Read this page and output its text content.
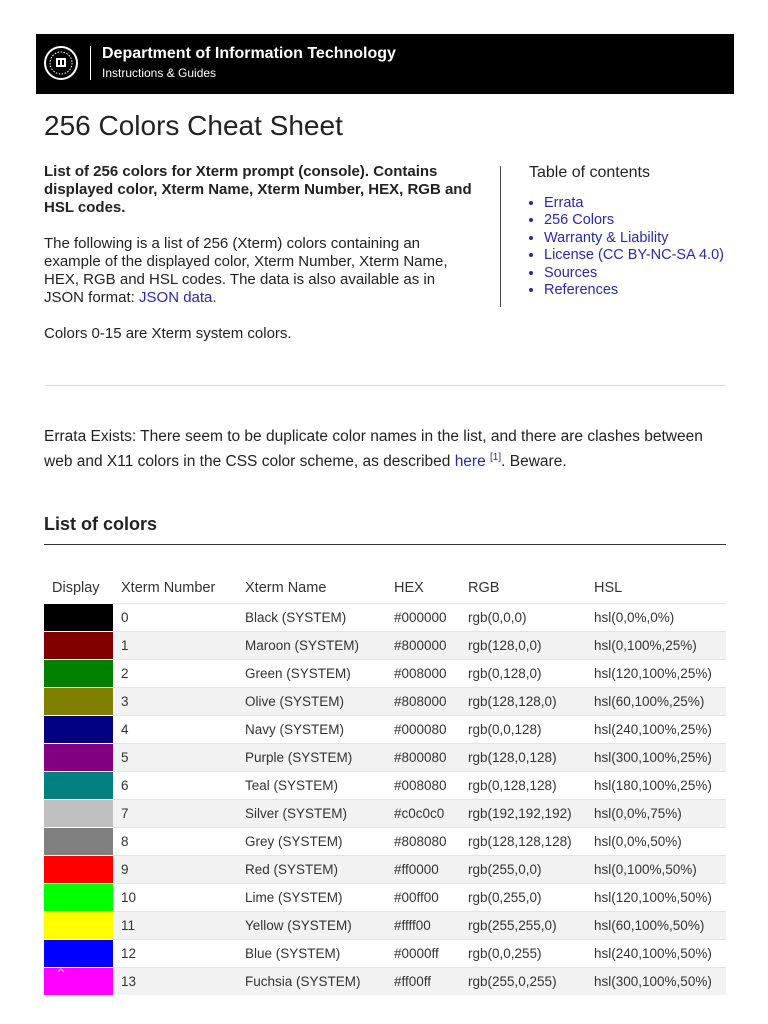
Department of Information Technology
Instructions & Guides
256 Colors Cheat Sheet

List of 256 colors for Xterm prompt (console). Contains displayed color, Xterm Name, Xterm Number, HEX, RGB and HSL codes.

The following is a list of 256 (Xterm) colors containing an example of the displayed color, Xterm Number, Xterm Name, HEX, RGB and HSL codes. The data is also available as in JSON format: JSON data.

Colors 0-15 are Xterm system colors.

Table of contents
• Errata
• 256 Colors
• Warranty & Liability
• License (CC BY-NC-SA 4.0)
• Sources
• References

Errata Exists: There seem to be duplicate color names in the list, and there are clashes between web and X11 colors in the CSS color scheme, as described here [1]. Beware.

List of colors
Display	Xterm Number	Xterm Name	HEX	RGB	HSL
	0	Black (SYSTEM)	#000000	rgb(0,0,0)	hsl(0,0%,0%)
	1	Maroon (SYSTEM)	#800000	rgb(128,0,0)	hsl(0,100%,25%)
	2	Green (SYSTEM)	#008000	rgb(0,128,0)	hsl(120,100%,25%)
	3	Olive (SYSTEM)	#808000	rgb(128,128,0)	hsl(60,100%,25%)
	4	Navy (SYSTEM)	#000080	rgb(0,0,128)	hsl(240,100%,25%)
	5	Purple (SYSTEM)	#800080	rgb(128,0,128)	hsl(300,100%,25%)
	6	Teal (SYSTEM)	#008080	rgb(0,128,128)	hsl(180,100%,25%)
	7	Silver (SYSTEM)	#c0c0c0	rgb(192,192,192)	hsl(0,0%,75%)
	8	Grey (SYSTEM)	#808080	rgb(128,128,128)	hsl(0,0%,50%)
	9	Red (SYSTEM)	#ff0000	rgb(255,0,0)	hsl(0,100%,50%)
	10	Lime (SYSTEM)	#00ff00	rgb(0,255,0)	hsl(120,100%,50%)
	11	Yellow (SYSTEM)	#ffff00	rgb(255,255,0)	hsl(60,100%,50%)
	12	Blue (SYSTEM)	#0000ff	rgb(0,0,255)	hsl(240,100%,50%)
	13	Fuchsia (SYSTEM)	#ff00ff	rgb(255,0,255)	hsl(300,100%,50%)
⌃
